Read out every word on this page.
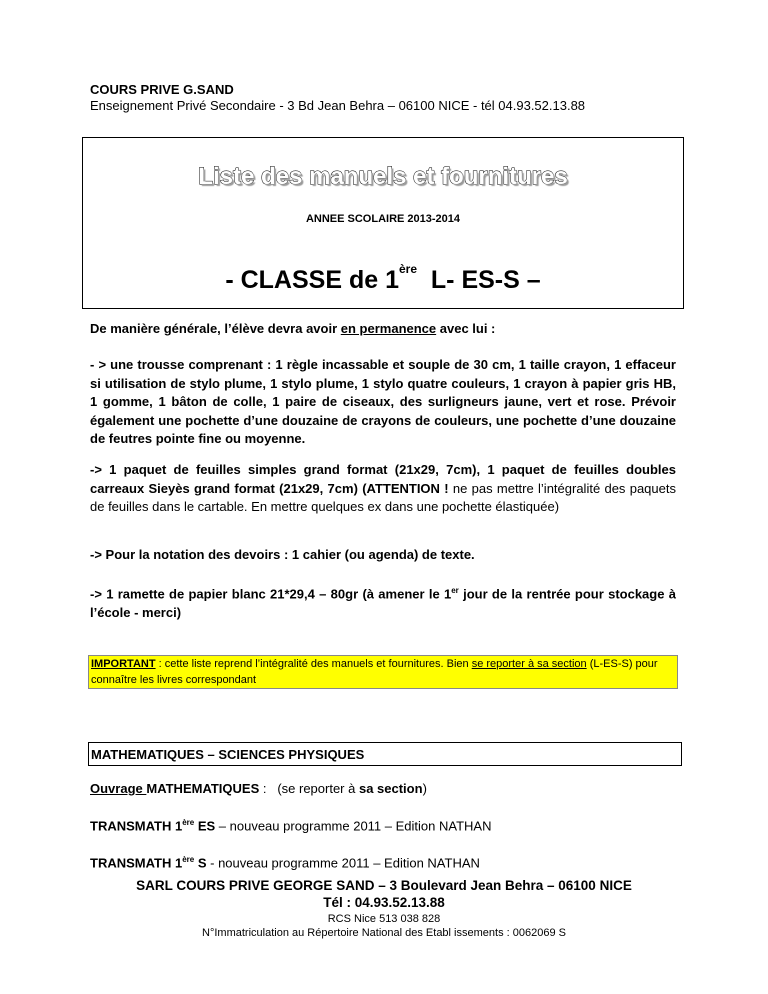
COURS PRIVE G.SAND
Enseignement Privé Secondaire - 3 Bd Jean Behra – 06100 NICE - tél 04.93.52.13.88
Liste des manuels et fournitures
ANNEE SCOLAIRE 2013-2014
- CLASSE de 1ère  L- ES-S –
De manière générale, l’élève devra avoir en permanence avec lui :
- > une trousse comprenant : 1 règle incassable et souple de 30 cm, 1 taille crayon, 1 effaceur si utilisation de stylo plume, 1 stylo plume, 1 stylo quatre couleurs, 1 crayon à papier gris HB, 1 gomme, 1 bâton de colle, 1 paire de ciseaux, des surligneurs jaune, vert et rose. Prévoir également une pochette d’une douzaine de crayons de couleurs, une pochette d’une douzaine de feutres pointe fine ou moyenne.
-> 1 paquet de feuilles simples grand format (21x29, 7cm), 1 paquet de feuilles doubles carreaux Sieyès grand format (21x29, 7cm) (ATTENTION ! ne pas mettre l’intégralité des paquets de feuilles dans le cartable. En mettre quelques ex dans une pochette élastiquée)
-> Pour la notation des devoirs : 1 cahier (ou agenda) de texte.
-> 1 ramette de papier blanc 21*29,4 – 80gr (à amener le 1er jour de la rentrée pour stockage à l’école - merci)
IMPORTANT : cette liste reprend l’intégralité des manuels et fournitures. Bien se reporter à sa section (L-ES-S) pour connaître les livres correspondant
MATHEMATIQUES – SCIENCES PHYSIQUES
Ouvrage MATHEMATIQUES :   (se reporter à sa section)
TRANSMATH 1ère ES – nouveau programme 2011 – Edition NATHAN
TRANSMATH 1ère S - nouveau programme 2011 – Edition NATHAN
SARL COURS PRIVE GEORGE SAND – 3 Boulevard Jean Behra – 06100 NICE
Tél : 04.93.52.13.88
RCS Nice 513 038 828
N°Immatriculation au Répertoire National des Etabl issements : 0062069 S
